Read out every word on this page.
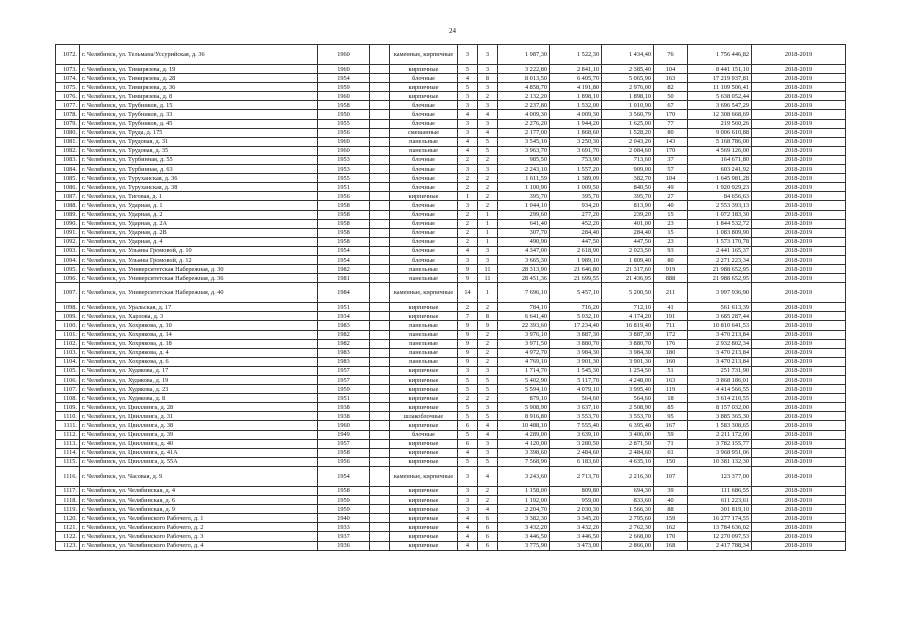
24
1072.	г. Челябинск, ул. Тельмана/Уссурийская, д. 36	1960		каменные, кирпичные	3	3	1 987,30	1 522,30	1 434,40	76	1 756 446,82	2018-2019
1073.	г. Челябинск, ул. Тимирязева, д. 19	1960		кирпичные	5	3	3 222,80	2 841,10	2 385,40	104	8 441 151,10	2018-2019
1074.	г. Челябинск, ул. Тимирязева, д. 28	1954		блочные	4	8	8 013,50	6 405,70	5 065,90	163	17 219 937,81	2018-2019
1075.	г. Челябинск, ул. Тимирязева, д. 36	1959		кирпичные	5	3	4 858,70	4 191,80	2 976,00	82	11 109 506,41	2018-2019
1076.	г. Челябинск, ул. Тимирязева, д. 8	1960		кирпичные	3	2	2 132,20	1 898,10	1 898,10	50	5 638 052,44	2018-2019
1077.	г. Челябинск, ул. Трубников, д. 15	1958		блочные	3	3	2 237,80	1 532,00	1 010,90	67	3 696 547,29	2018-2019
1078.	г. Челябинск, ул. Трубников, д. 33	1950		блочные	4	4	4 009,30	4 009,30	3 560,79	170	12 308 668,69	2018-2019
1079.	г. Челябинск, ул. Трубников, д. 45	1955		блочные	3	3	2 276,20	1 944,20	1 625,00	77	219 560,26	2018-2019
1080.	г. Челябинск, ул. Труда, д. 175	1956		смешанные	3	4	2 177,00	1 868,60	1 528,20	80	9 006 610,88	2018-2019
1081.	г. Челябинск, ул. Трудовая, д. 31	1960		панельные	4	5	3 545,10	3 250,30	2 043,20	143	5 168 786,00	2018-2019
1082.	г. Челябинск, ул. Трудовая, д. 35	1960		панельные	4	5	3 963,70	3 691,70	2 084,60	170	4 569 126,00	2018-2019
1083.	г. Челябинск, ул. Турбинная, д. 55	1953		блочные	2	2	985,50	753,90	713,60	37	164 671,80	2018-2019
1084.	г. Челябинск, ул. Турбинная, д. 63	1953		блочные	3	3	2 243,10	1 557,20	909,00	57	603 241,92	2018-2019
1085.	г. Челябинск, ул. Туруханская, д. 36	1955		блочные	2	2	1 611,59	1 389,09	382,70	104	1 645 981,28	2018-2019
1086.	г. Челябинск, ул. Туруханская, д. 38	1951		блочные	2	2	1 100,90	1 009,50	840,50	49	1 920 929,23	2018-2019
1087.	г. Челябинск, ул. Тиговая, д. 1	1956		кирпичные	1	2	395,70	395,70	395,70	27	84 656,63	2018-2019
1088.	г. Челябинск, ул. Ударная, д. 1	1958		блочные	3	2	1 044,10	934,20	813,90	40	2 553 393,13	2018-2019
1089.	г. Челябинск, ул. Ударная, д. 2	1958		блочные	2	1	299,60	277,20	239,20	15	1 072 183,30	2018-2019
1090.	г. Челябинск, ул. Ударная, д. 2А	1958		блочные	2	1	641,40	452,20	401,00	23	1 844 532,72	2018-2019
1091.	г. Челябинск, ул. Ударная, д. 2В	1958		блочные	2	1	307,70	284,40	284,40	15	1 083 809,90	2018-2019
1092.	г. Челябинск, ул. Ударная, д. 4	1958		блочные	2	1	490,90	447,50	447,50	23	1 573 170,78	2018-2019
1093.	г. Челябинск, ул. Ульяны Громовой, д. 10	1954		блочные	4	3	4 347,00	2 618,90	2 023,50	93	2 441 165,37	2018-2019
1094.	г. Челябинск, ул. Ульяны Громовой, д. 12	1954		блочные	3	3	3 665,30	1 989,10	1 809,40	80	2 271 223,34	2018-2019
1095.	г. Челябинск, ул. Университетская Набережная, д. 30	1982		панельные	9	11	28 313,90	21 646,80	21 317,60	919	21 988 652,95	2018-2019
1096.	г. Челябинск, ул. Университетская Набережная, д. 36	1981		панельные	9	11	28 451,36	21 699,55	21 436,95	888	21 988 652,95	2018-2019
1097.	г. Челябинск, ул. Университетская Набережная, д. 40	1984		каменные, кирпичные	14	1	7 696,10	5 457,10	5 200,50	211	3 997 936,90	2018-2019
1098.	г. Челябинск, ул. Уральская, д. 17	1951		кирпичные	2	2	784,10	716,20	712,10	41	561 613,39	2018-2019
1099.	г. Челябинск, ул. Харлова, д. 3	1934		кирпичные	7	8	6 641,40	5 032,10	4 174,20	191	3 685 287,44	2018-2019
1100.	г. Челябинск, ул. Хохрякова, д. 10	1983		панельные	9	9	22 393,60	17 234,40	16 819,40	711	10 810 641,53	2018-2019
1101.	г. Челябинск, ул. Хохрякова, д. 14	1982		панельные	9	2	3 976,10	3 887,30	3 887,30	172	3 470 213,84	2018-2019
1102.	г. Челябинск, ул. Хохрякова, д. 18	1982		панельные	9	2	3 971,50	3 880,70	3 880,70	176	2 932 802,34	2018-2019
1103.	г. Челябинск, ул. Хохрякова, д. 4	1983		панельные	9	2	4 972,70	3 984,30	3 984,30	180	3 470 213,84	2018-2019
1104.	г. Челябинск, ул. Хохрякова, д. 6	1983		панельные	9	2	4 769,10	3 901,30	3 901,30	160	3 470 213,84	2018-2019
1105.	г. Челябинск, ул. Худякова, д. 17	1957		кирпичные	3	3	1 714,70	1 545,30	1 254,50	51	251 731,90	2018-2019
1106.	г. Челябинск, ул. Худякова, д. 19	1957		кирпичные	5	5	5 402,90	5 117,70	4 248,00	163	3 868 186,01	2018-2019
1107.	г. Челябинск, ул. Худякова, д. 23	1959		кирпичные	5	5	5 594,10	4 079,10	3 995,40	119	4 414 566,55	2018-2019
1108.	г. Челябинск, ул. Худякова, д. 8	1951		кирпичные	2	2	879,10	564,60	564,60	18	3 614 210,55	2018-2019
1109.	г. Челябинск, ул. Цвиллинга, д. 28	1938		кирпичные	5	3	5 908,90	3 637,10	2 508,90	85	8 157 032,00	2018-2019
1110.	г. Челябинск, ул. Цвиллинга, д. 31	1938		шлакоблочные	5	5	8 916,80	3 553,70	3 553,70	95	3 885 365,30	2018-2019
1111.	г. Челябинск, ул. Цвиллинга, д. 38	1960		кирпичные	6	4	10 488,10	7 555,40	6 395,40	167	1 583 308,65	2018-2019
1112.	г. Челябинск, ул. Цвиллинга, д. 39	1949		блочные	5	4	4 289,00	3 639,10	3 406,00	59	2 211 172,00	2018-2019
1113.	г. Челябинск, ул. Цвиллинга, д. 40	1957		кирпичные	6	3	4 120,00	3 280,50	2 871,50	71	3 782 155,77	2018-2019
1114.	г. Челябинск, ул. Цвиллинга, д. 41А	1958		кирпичные	4	3	3 398,60	2 484,60	2 484,60	61	3 968 951,06	2018-2019
1115.	г. Челябинск, ул. Цвиллинга, д. 55А	1956		кирпичные	5	5	7 568,90	6 183,60	4 635,10	150	10 381 132,30	2018-2019
1116.	г. Челябинск, ул. Часовая, д. 9	1954		каменные, кирпичные	3	4	3 243,60	2 713,70	2 216,30	107	123 377,00	2018-2019
1117.	г. Челябинск, ул. Челябинская, д. 4	1958		кирпичные	3	2	1 158,00	809,80	694,30	39	111 686,55	2018-2019
1118.	г. Челябинск, ул. Челябинская, д. 6	1959		кирпичные	3	2	1 192,00	959,00	833,60	40	611 223,61	2018-2019
1119.	г. Челябинск, ул. Челябинская, д. 9	1959		кирпичные	3	4	2 204,70	2 030,30	1 566,30	88	301 819,10	2018-2019
1120.	г. Челябинск, ул. Челябинского Рабочего, д. 1	1940		кирпичные	4	6	3 382,30	3 345,20	2 795,60	159	16 277 174,55	2018-2019
1121.	г. Челябинск, ул. Челябинского Рабочего, д. 2	1933		кирпичные	4	6	3 432,20	3 432,20	2 762,30	162	13 784 636,02	2018-2019
1122.	г. Челябинск, ул. Челябинского Рабочего, д. 3	1937		кирпичные	4	6	3 446,50	3 446,50	2 668,00	170	12 270 097,53	2018-2019
1123.	г. Челябинск, ул. Челябинского Рабочего, д. 4	1936		кирпичные	4	6	3 775,90	3 473,00	2 866,00	168	2 417 788,34	2018-2019
